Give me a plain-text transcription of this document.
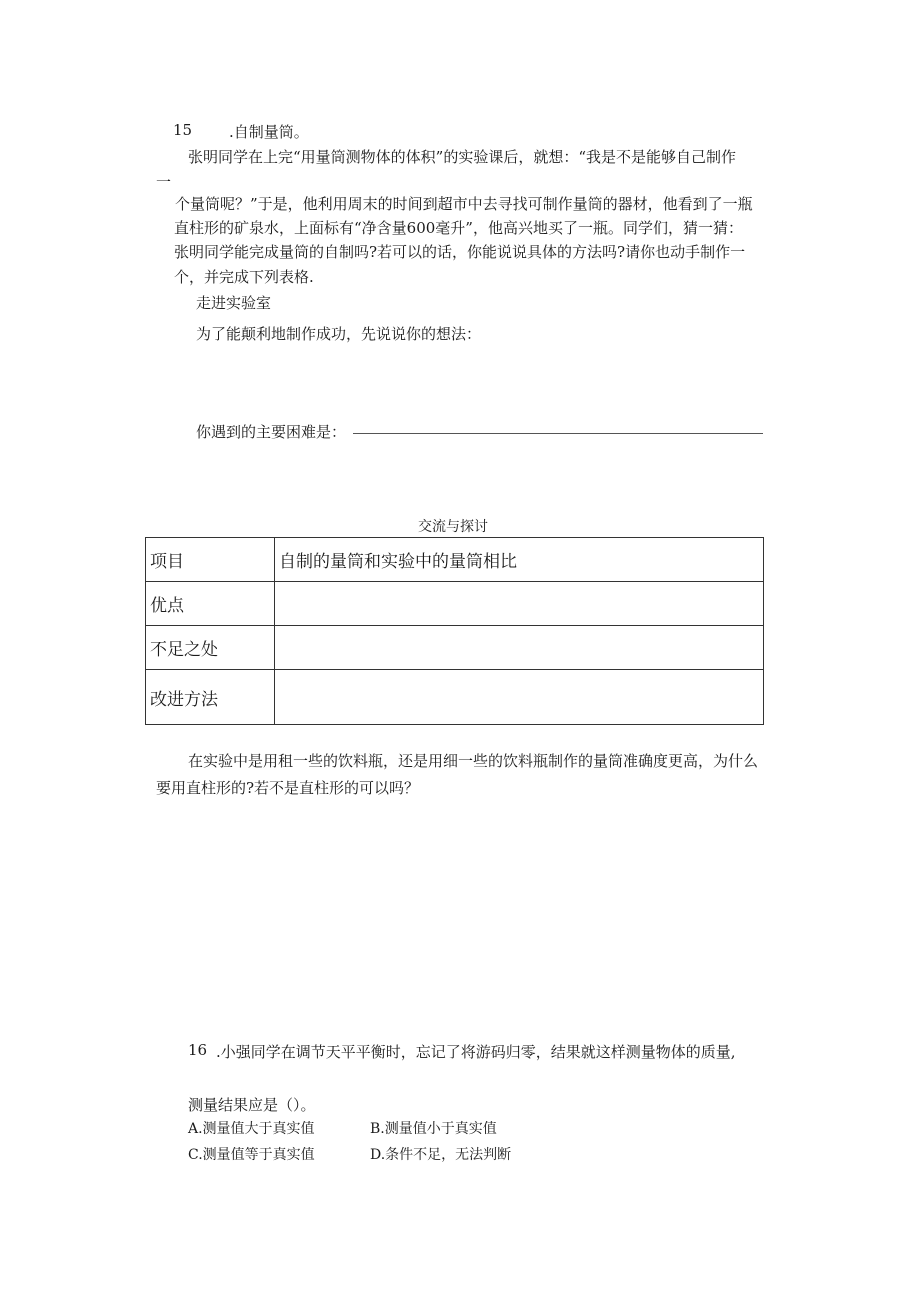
15 .自制量筒。
张明同学在上完“用量筒测物体的体积”的实验课后，就想：“我是不是能够自己制作
一
个量筒呢？”于是，他利用周末的时间到超市中去寻找可制作量筒的器材，他看到了一瓶
直柱形的矿泉水，上面标有“净含量600毫升”，他高兴地买了一瓶。同学们，猜一猜：
张明同学能完成量筒的自制吗?若可以的话，你能说说具体的方法吗?请你也动手制作一
个，并完成下列表格.
走进实验室
为了能颠利地制作成功，先说说你的想法：
你遇到的主要困难是：
交流与探讨
项目	自制的量筒和实验中的量筒相比
优点	
不足之处	
改进方法	
在实验中是用租一些的饮料瓶，还是用细一些的饮料瓶制作的量筒准确度更高，为什么
要用直柱形的?若不是直柱形的可以吗？
16 .小强同学在调节天平平衡时，忘记了将游码归零，结果就这样测量物体的质量,
测量结果应是（）。
A.测量值大于真实值	B.测量值小于真实值
C.测量值等于真实值	D.条件不足，无法判断
